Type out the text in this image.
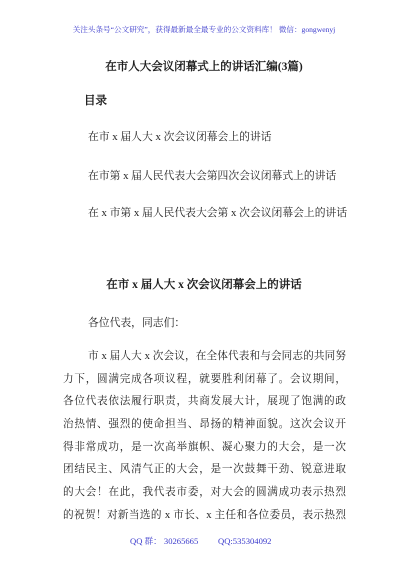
关注头条号“公文研究”，获得最新最全最专业的公文资料库！ 微信：gongwenyj
在市人大会议闭幕式上的讲话汇编(3篇)
目录
在市 x 届人大 x 次会议闭幕会上的讲话
在市第 x 届人民代表大会第四次会议闭幕式上的讲话
在 x 市第 x 届人民代表大会第 x 次会议闭幕会上的讲话
在市 x 届人大 x 次会议闭幕会上的讲话
各位代表，同志们：
市 x 届人大 x 次会议，在全体代表和与会同志的共同努
力下，圆满完成各项议程，就要胜利闭幕了。会议期间，
各位代表依法履行职责，共商发展大计，展现了饱满的政
治热情、强烈的使命担当、昂扬的精神面貌。这次会议开
得非常成功，是一次高举旗帜、凝心聚力的大会，是一次
团结民主、风清气正的大会，是一次鼓舞干劲、锐意进取
的大会！在此，我代表市委，对大会的圆满成功表示热烈
的祝贺！对新当选的 x 市长、x 主任和各位委员，表示热烈
QQ 群： 30265665 QQ:535304092
